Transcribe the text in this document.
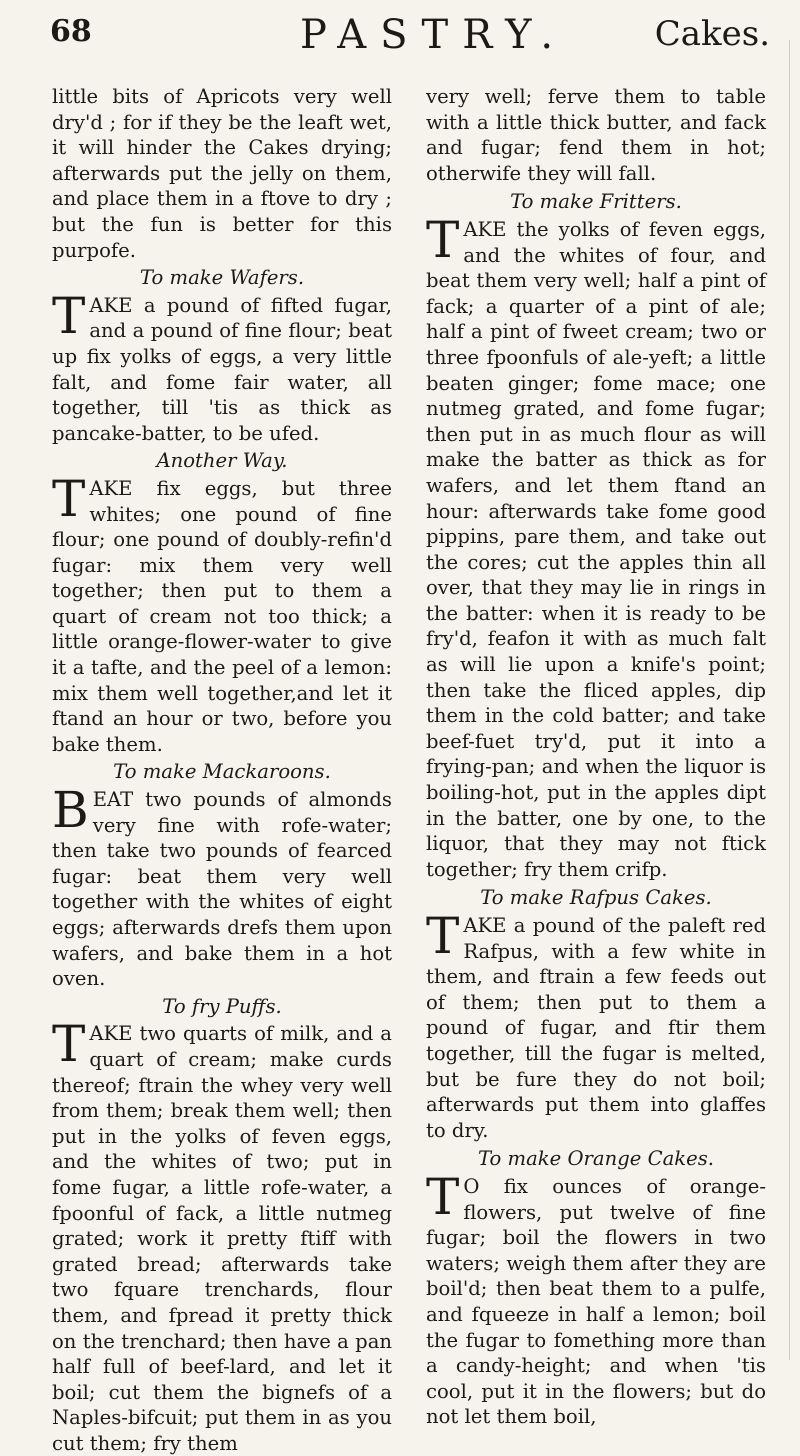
68	PASTRY.	Cakes.

little bits of Apricots very well dry'd ; for if they be the leaft wet, it will hinder the Cakes drying; afterwards put the jelly on them, and place them in a ftove to dry ; but the fun is better for this purpofe.

To make Wafers.

TAKE a pound of fifted fugar, and a pound of fine flour; beat up fix yolks of eggs, a very little falt, and fome fair water, all together, till 'tis as thick as pancake-batter, to be ufed.

Another Way.

TAKE fix eggs, but three whites; one pound of fine flour; one pound of doubly-refin'd fugar: mix them very well together; then put to them a quart of cream not too thick; a little orange-flower-water to give it a tafte, and the peel of a lemon: mix them well together,and let it ftand an hour or two, before you bake them.

To make Mackaroons.

BEAT two pounds of almonds very fine with rofe-water; then take two pounds of fearced fugar: beat them very well together with the whites of eight eggs; afterwards drefs them upon wafers, and bake them in a hot oven.

To fry Puffs.

TAKE two quarts of milk, and a quart of cream; make curds thereof; ftrain the whey very well from them; break them well; then put in the yolks of feven eggs, and the whites of two; put in fome fugar, a little rofe-water, a fpoonful of fack, a little nutmeg grated; work it pretty ftiff with grated bread; afterwards take two fquare trenchards, flour them, and fpread it pretty thick on the trenchard; then have a pan half full of beef-lard, and let it boil; cut them the bignefs of a Naples-bifcuit; put them in as you cut them; fry them

very well; ferve them to table with a little thick butter, and fack and fugar; fend them in hot; otherwife they will fall.

To make Fritters.

TAKE the yolks of feven eggs, and the whites of four, and beat them very well; half a pint of fack; a quarter of a pint of ale; half a pint of fweet cream; two or three fpoonfuls of ale-yeft; a little beaten ginger; fome mace; one nutmeg grated, and fome fugar; then put in as much flour as will make the batter as thick as for wafers, and let them ftand an hour: afterwards take fome good pippins, pare them, and take out the cores; cut the apples thin all over, that they may lie in rings in the batter: when it is ready to be fry'd, feafon it with as much falt as will lie upon a knife's point; then take the fliced apples, dip them in the cold batter; and take beef-fuet try'd, put it into a frying-pan; and when the liquor is boiling-hot, put in the apples dipt in the batter, one by one, to the liquor, that they may not ftick together; fry them crifp.

To make Rafpus Cakes.

TAKE a pound of the paleft red Rafpus, with a few white in them, and ftrain a few feeds out of them; then put to them a pound of fugar, and ftir them together, till the fugar is melted, but be fure they do not boil; afterwards put them into glaffes to dry.

To make Orange Cakes.

TO fix ounces of orange-flowers, put twelve of fine fugar; boil the flowers in two waters; weigh them after they are boil'd; then beat them to a pulfe, and fqueeze in half a lemon; boil the fugar to fomething more than a candy-height; and when 'tis cool, put it in the flowers; but do not let them boil,
